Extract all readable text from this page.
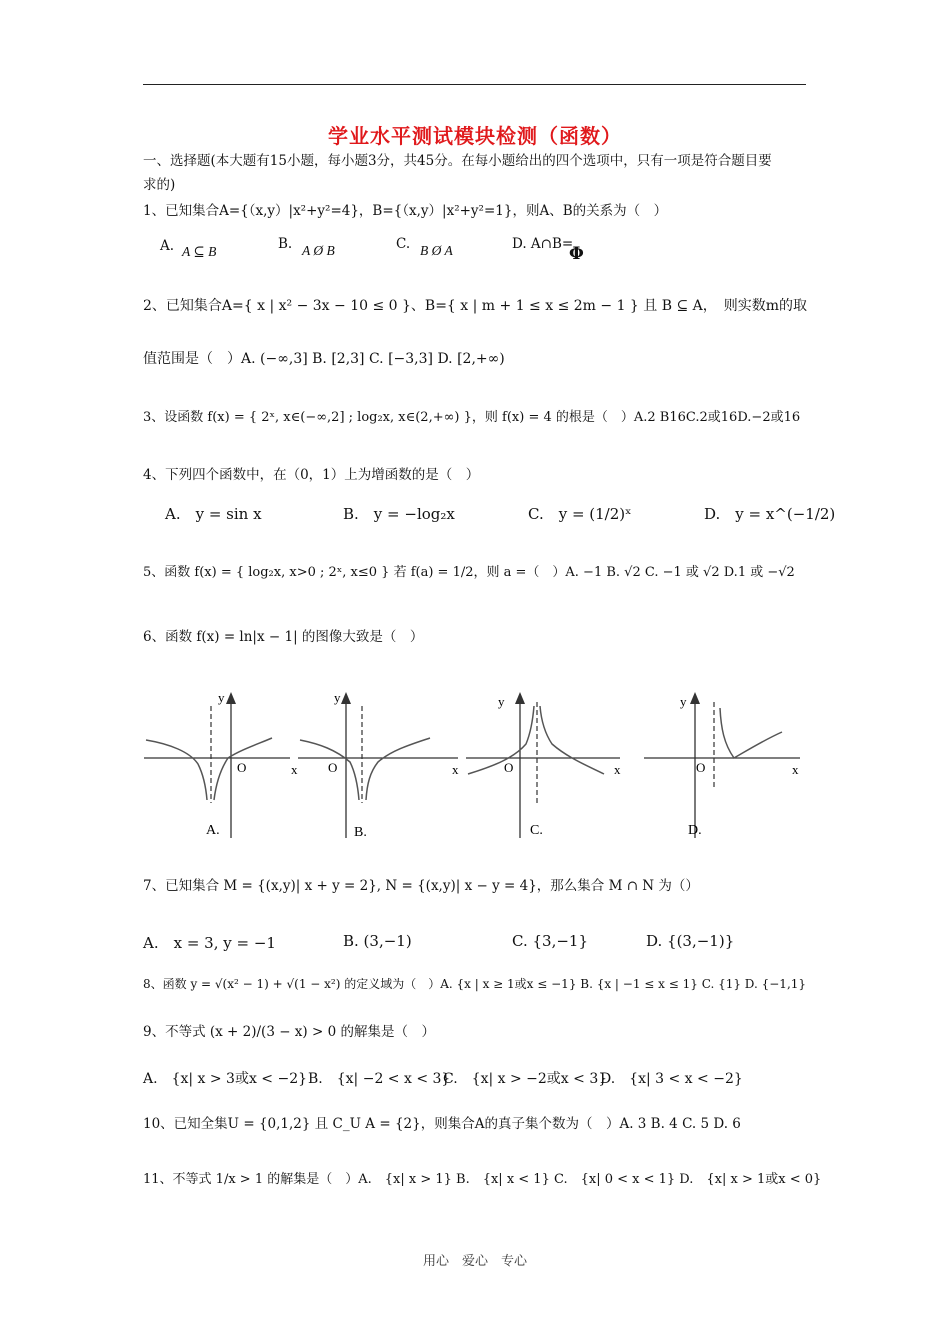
学业水平测试模块检测（函数）
一、选择题(本大题有15小题，每小题3分，共45分。在每小题给出的四个选项中，只有一项是符合题目要
求的)
1、已知集合A={（x,y）|x²+y²=4}，B={（x,y）|x²+y²=1}，则A、B的关系为（　）
A. A ⊆ B	B. A Ø B	C. B Ø A	D. A∩B=
Φ
2、已知集合A={ x | x² − 3x − 10 ≤ 0 }、B={ x | m + 1 ≤ x ≤ 2m − 1 } 且 B ⊆ A，　则实数m的取
值范围是（　）A. (−∞,3] B. [2,3] C. [−3,3] D. [2,+∞)
3、设函数 f(x) = { 2ˣ, x∈(−∞,2] ; log₂x, x∈(2,+∞) }，则 f(x) = 4 的根是（　）A.2 B16C.2或16D.−2或16
4、下列四个函数中，在（0，1）上为增函数的是（　）
A.　y = sin x	B.　y = −log₂x	C.　y = (1/2)ˣ	D.　y = x^(−1/2)
5、函数 f(x) = { log₂x, x>0 ; 2ˣ, x≤0 } 若 f(a) = 1/2，则 a =（　）A. −1 B. √2 C. −1 或 √2 D.1 或 −√2
6、函数 f(x) = ln|x − 1| 的图像大致是（　）
O
y
x
A.
O
y
x
B.
O
y
x
C.
O
y
x
D.
7、已知集合 M = {(x,y)| x + y = 2}, N = {(x,y)| x − y = 4}，那么集合 M ∩ N 为（）
A.　x = 3, y = −1	B. (3,−1)	C. {3,−1}	D. {(3,−1)}
8、函数 y = √(x² − 1) + √(1 − x²) 的定义域为（　）A. {x | x ≥ 1或x ≤ −1} B. {x | −1 ≤ x ≤ 1} C. {1} D. {−1,1}
9、不等式 (x + 2)/(3 − x) > 0 的解集是（　）
A.　{x| x > 3或x < −2} B.　{x| −2 < x < 3}
C.　{x| x > −2或x < 3}
D.　{x| 3 < x < −2}
10、已知全集U = {0,1,2} 且 C_U A = {2}，则集合A的真子集个数为（　）A. 3 B. 4 C. 5 D. 6
11、不等式 1/x > 1 的解集是（　）A.　{x| x > 1} B.　{x| x < 1} C.　{x| 0 < x < 1} D.　{x| x > 1或x < 0}
用心　爱心　专心
